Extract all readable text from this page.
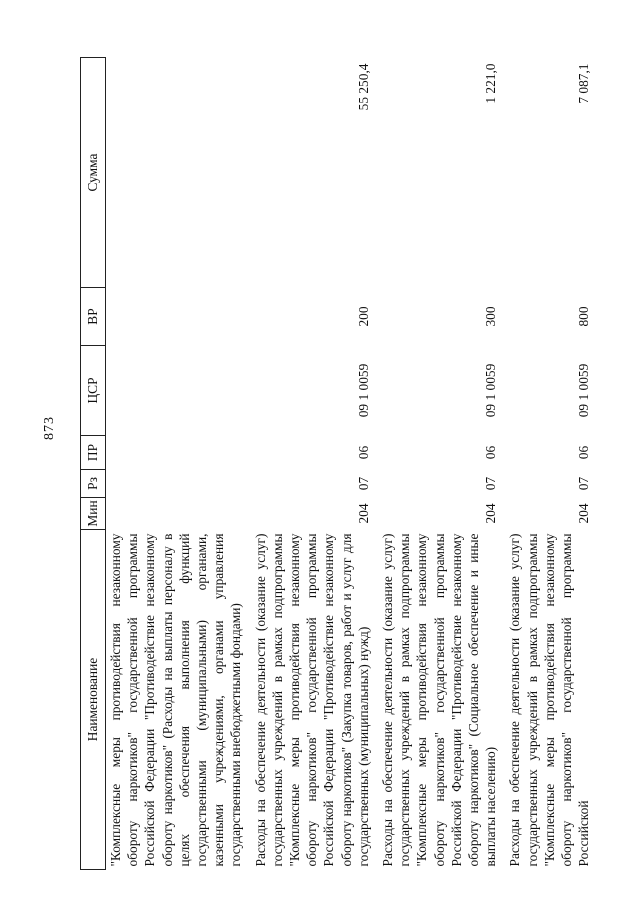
873
Наименование	Мин	Рз	ПР	ЦСР	ВР	Сумма
"Комплексные меры противодействия незаконному обороту наркотиков" государственной программы Российской Федерации "Противодействие незаконному обороту наркотиков" (Расходы на выплаты персоналу в целях обеспечения выполнения функций государственными (муниципальными) органами, казенными учреждениями, органами управления государственными внебюджетными фондами)						
Расходы на обеспечение деятельности (оказание услуг) государственных учреждений в рамках подпрограммы "Комплексные меры противодействия незаконному обороту наркотиков" государственной программы Российской Федерации "Противодействие незаконному обороту наркотиков" (Закупка товаров, работ и услуг для государственных (муниципальных) нужд)	204	07	06	09 1 0059	200	55 250,4
Расходы на обеспечение деятельности (оказание услуг) государственных учреждений в рамках подпрограммы "Комплексные меры противодействия незаконному обороту наркотиков" государственной программы Российской Федерации "Противодействие незаконному обороту наркотиков" (Социальное обеспечение и иные выплаты населению)	204	07	06	09 1 0059	300	1 221,0
Расходы на обеспечение деятельности (оказание услуг) государственных учреждений в рамках подпрограммы "Комплексные меры противодействия незаконному обороту наркотиков" государственной программы Российской	204	07	06	09 1 0059	800	7 087,1
